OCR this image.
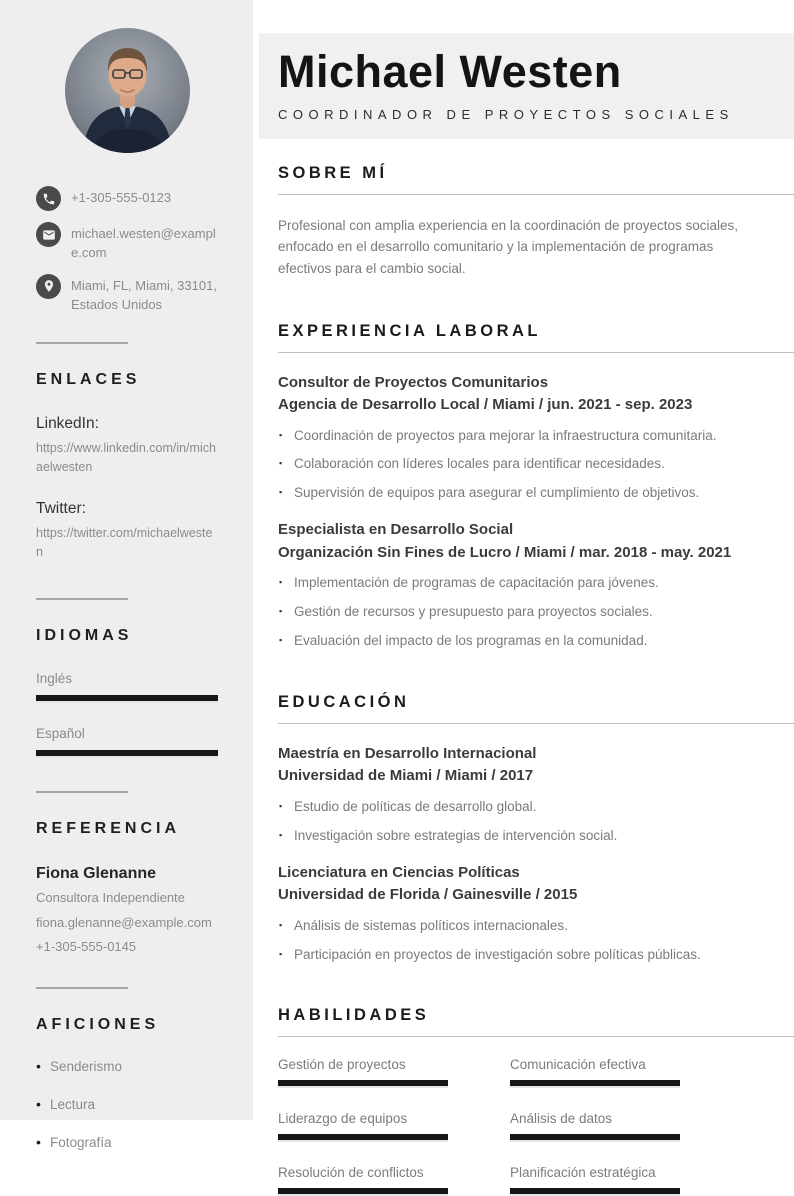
+1-305-555-0123
michael.westen@example.com
Miami, FL, Miami, 33101, Estados Unidos
ENLACES
LinkedIn:
https://www.linkedin.com/in/michaelwesten
Twitter:
https://twitter.com/michaelwesten
IDIOMAS
Inglés
Español
REFERENCIA
Fiona Glenanne
Consultora Independiente
fiona.glenanne@example.com
+1-305-555-0145
AFICIONES
• Senderismo
• Lectura
• Fotografía
Michael Westen
COORDINADOR DE PROYECTOS SOCIALES
SOBRE MÍ

Profesional con amplia experiencia en la coordinación de proyectos sociales, enfocado en el desarrollo comunitario y la implementación de programas efectivos para el cambio social.

EXPERIENCIA LABORAL
Consultor de Proyectos Comunitarios
Agencia de Desarrollo Local / Miami / jun. 2021 - sep. 2023
▪ Coordinación de proyectos para mejorar la infraestructura comunitaria.
▪ Colaboración con líderes locales para identificar necesidades.
▪ Supervisión de equipos para asegurar el cumplimiento de objetivos.
Especialista en Desarrollo Social
Organización Sin Fines de Lucro / Miami / mar. 2018 - may. 2021
▪ Implementación de programas de capacitación para jóvenes.
▪ Gestión de recursos y presupuesto para proyectos sociales.
▪ Evaluación del impacto de los programas en la comunidad.
EDUCACIÓN
Maestría en Desarrollo Internacional
Universidad de Miami / Miami / 2017
▪ Estudio de políticas de desarrollo global.
▪ Investigación sobre estrategias de intervención social.
Licenciatura en Ciencias Políticas
Universidad de Florida / Gainesville / 2015
▪ Análisis de sistemas políticos internacionales.
▪ Participación en proyectos de investigación sobre políticas públicas.
HABILIDADES
Gestión de proyectos	Comunicación efectiva
Liderazgo de equipos	Análisis de datos
Resolución de conflictos	Planificación estratégica
